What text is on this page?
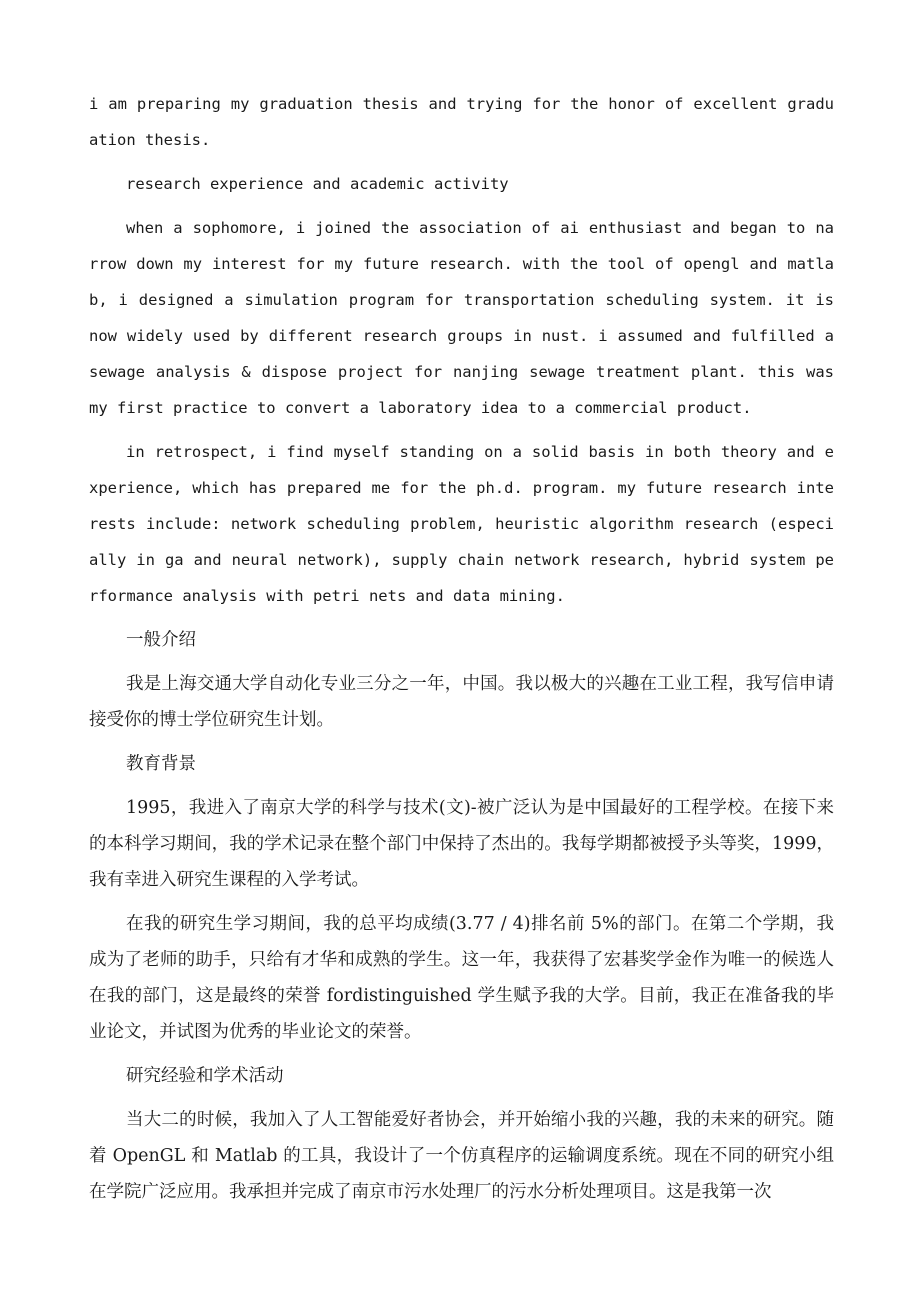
i am preparing my graduation thesis and trying for the honor of excellent graduation thesis.

research experience and academic activity

when a sophomore, i joined the association of ai enthusiast and began to narrow down my interest for my future research. with the tool of opengl and matlab, i designed a simulation program for transportation scheduling system. it is now widely used by different research groups in nust. i assumed and fulfilled a sewage analysis & dispose project for nanjing sewage treatment plant. this was my first practice to convert a laboratory idea to a commercial product.

in retrospect, i find myself standing on a solid basis in both theory and experience, which has prepared me for the ph.d. program. my future research interests include: network scheduling problem, heuristic algorithm research (especially in ga and neural network), supply chain network research, hybrid system performance analysis with petri nets and data mining.

一般介绍

我是上海交通大学自动化专业三分之一年，中国。我以极大的兴趣在工业工程，我写信申请接受你的博士学位研究生计划。

教育背景

1995，我进入了南京大学的科学与技术(文)-被广泛认为是中国最好的工程学校。在接下来的本科学习期间，我的学术记录在整个部门中保持了杰出的。我每学期都被授予头等奖，1999，我有幸进入研究生课程的入学考试。

在我的研究生学习期间，我的总平均成绩(3.77 / 4)排名前 5%的部门。在第二个学期，我成为了老师的助手，只给有才华和成熟的学生。这一年，我获得了宏碁奖学金作为唯一的候选人在我的部门，这是最终的荣誉 fordistinguished 学生赋予我的大学。目前，我正在准备我的毕业论文，并试图为优秀的毕业论文的荣誉。

研究经验和学术活动

当大二的时候，我加入了人工智能爱好者协会，并开始缩小我的兴趣，我的未来的研究。随着 OpenGL 和 Matlab 的工具，我设计了一个仿真程序的运输调度系统。现在不同的研究小组在学院广泛应用。我承担并完成了南京市污水处理厂的污水分析处理项目。这是我第一次
